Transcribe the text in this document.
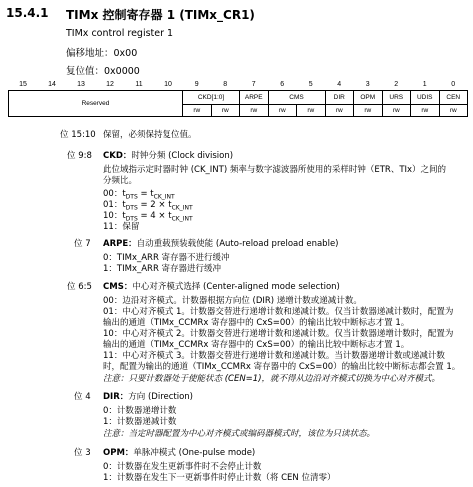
15.4.1 TIMx 控制寄存器 1 (TIMx_CR1)
TIMx control register 1
偏移地址：0x00
复位值：0x0000
15	14	13	12	11	10	9	8	7	6	5	4	3	2	1	0
Reserved						CKD[1:0]		ARPE	CMS		DIR	OPM	URS	UDIS	CEN
						rw	rw	rw	rw	rw	rw	rw	rw	rw	rw
位 15:10 保留，必须保持复位值。
位 9:8 CKD：时钟分频 (Clock division)
此位域指示定时器时钟 (CK_INT) 频率与数字滤波器所使用的采样时钟（ETR、TIx）之间的
分频比。
00：$t_{DTS} = t_{CK\_INT}$
01：$t_{DTS} = 2 \times t_{CK\_INT}$
10：$t_{DTS} = 4 \times t_{CK\_INT}$
11：保留
位 7 ARPE：自动重载预装载使能 (Auto-reload preload enable)
0：TIMx_ARR 寄存器不进行缓冲
1：TIMx_ARR 寄存器进行缓冲
位 6:5 CMS：中心对齐模式选择 (Center-aligned mode selection)
00：边沿对齐模式。计数器根据方向位 (DIR) 递增计数或递减计数。
01：中心对齐模式 1。计数器交替进行递增计数和递减计数。仅当计数器递减计数时，配置为
输出的通道（TIMx_CCMRx 寄存器中的 CxS=00）的输出比较中断标志才置 1。
10：中心对齐模式 2。计数器交替进行递增计数和递减计数。仅当计数器递增计数时，配置为
输出的通道（TIMx_CCMRx 寄存器中的 CxS=00）的输出比较中断标志才置 1。
11：中心对齐模式 3。计数器交替进行递增计数和递减计数。当计数器递增计数或递减计数
时，配置为输出的通道（TIMx_CCMRx 寄存器中的 CxS=00）的输出比较中断标志都会置 1。
注意：只要计数器处于使能状态 (CEN=1)，就不得从边沿对齐模式切换为中心对齐模式。
位 4 DIR：方向 (Direction)
0：计数器递增计数
1：计数器递减计数
注意：当定时器配置为中心对齐模式或编码器模式时，该位为只读状态。
位 3 OPM：单脉冲模式 (One-pulse mode)
0：计数器在发生更新事件时不会停止计数
1：计数器在发生下一更新事件时停止计数（将 CEN 位清零）
